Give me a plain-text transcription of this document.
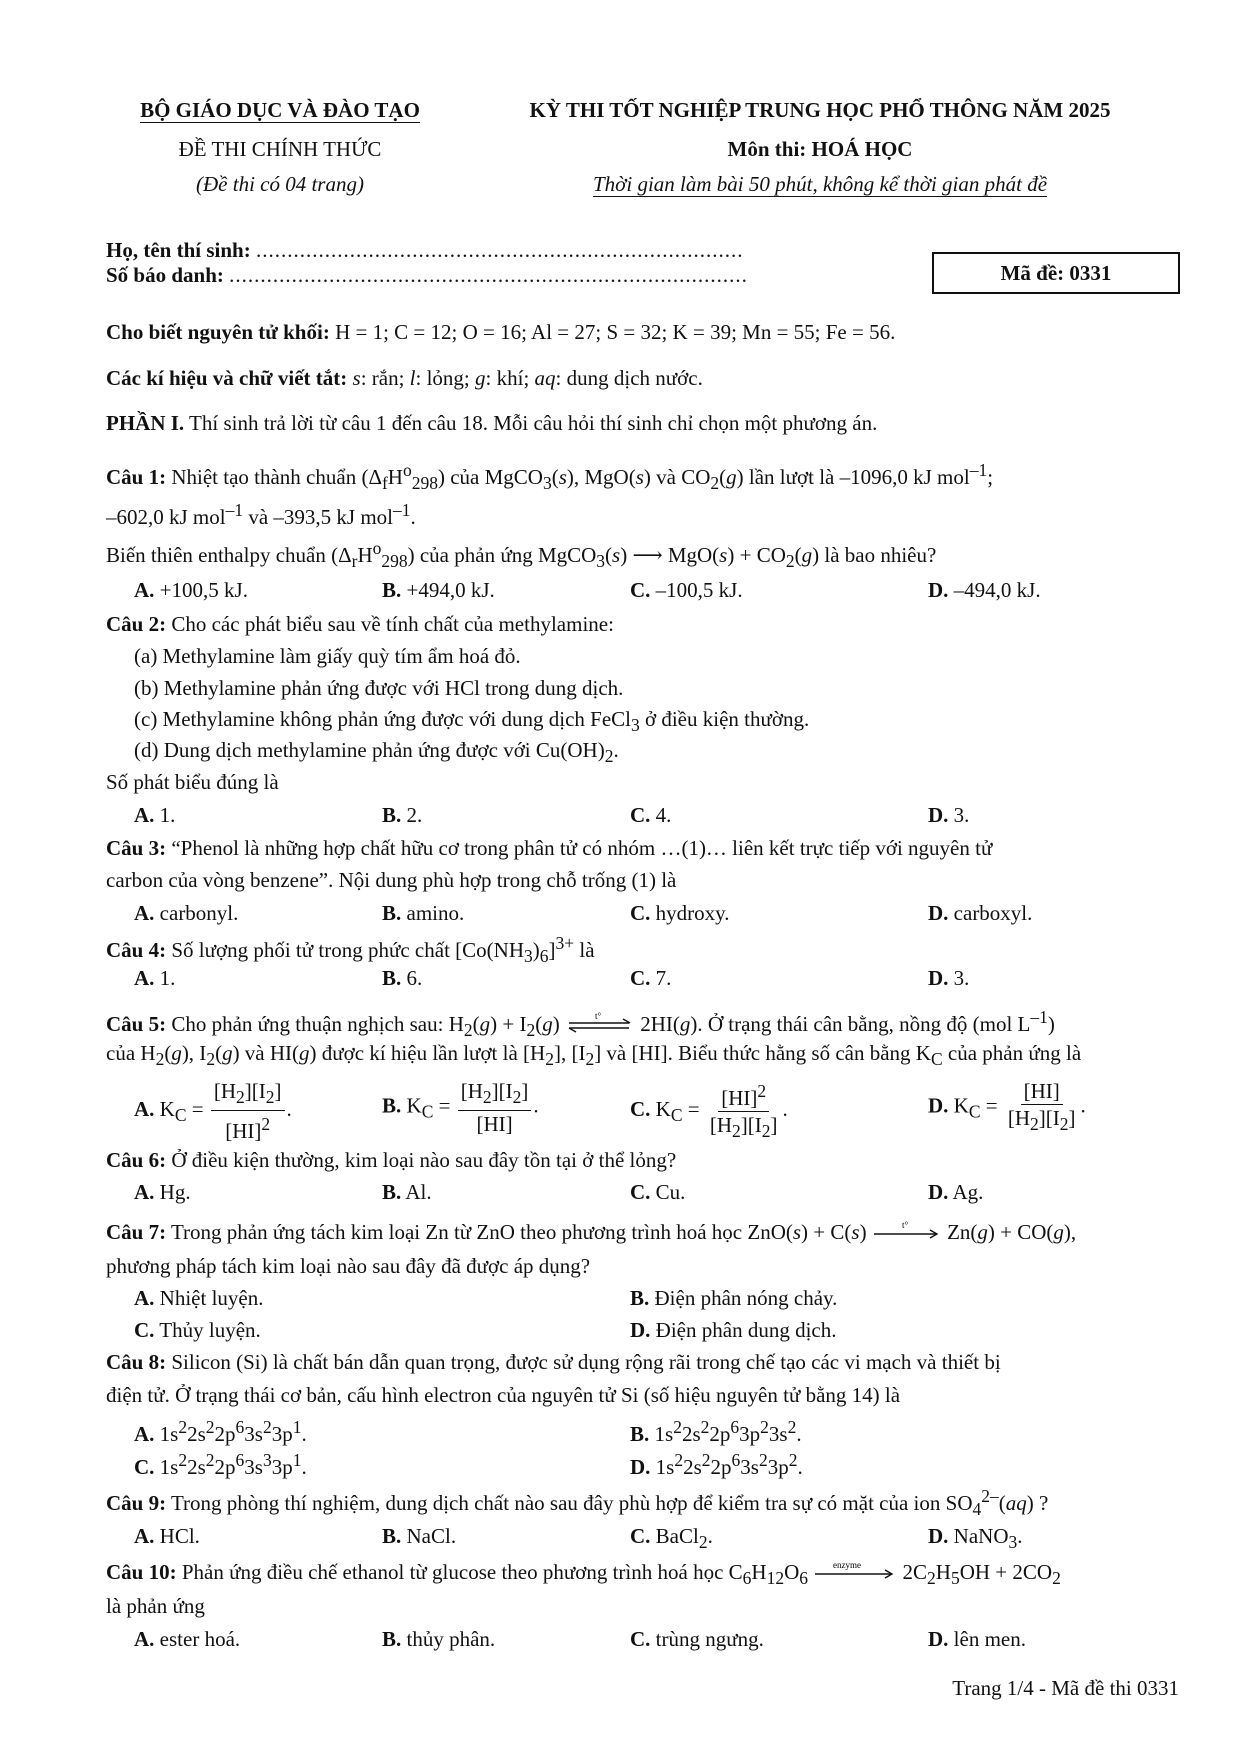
BỘ GIÁO DỤC VÀ ĐÀO TẠO
ĐỀ THI CHÍNH THỨC
(Đề thi có 04 trang)
KỲ THI TỐT NGHIỆP TRUNG HỌC PHỔ THÔNG NĂM 2025
Môn thi: HOÁ HỌC
Thời gian làm bài 50 phút, không kể thời gian phát đề
Họ, tên thí sinh: ..............................................................................
Số báo danh: ...................................................................................	Mã đề: 0331
Cho biết nguyên tử khối: H = 1; C = 12; O = 16; Al = 27; S = 32; K = 39; Mn = 55; Fe = 56.
Các kí hiệu và chữ viết tắt: s: rắn; l: lỏng; g: khí; aq: dung dịch nước.
PHẦN I. Thí sinh trả lời từ câu 1 đến câu 18. Mỗi câu hỏi thí sinh chỉ chọn một phương án.
Câu 1: Nhiệt tạo thành chuẩn $(\Delta_fH^o_{298})$ của MgCO$_3$(s), MgO(s) và $CO_2(g)$ lần lượt là –1096,0 kJ mol$^{-1}$;
–602,0 kJ mol$^{-1}$ và –393,5 kJ mol$^{-1}$.
Biến thiên enthalpy chuẩn $(\Delta_rH^o_{298})$ của phản ứng MgCO$_3$(s) ⟶ $MgO(s) + CO_2(g)$ là bao nhiêu?
A. +100,5 kJ.	B. +494,0 kJ.	C. –100,5 kJ.	D. –494,0 kJ.
Câu 2: Cho các phát biểu sau về tính chất của methylamine:
(a) Methylamine làm giấy quỳ tím ẩm hoá đỏ.
(b) Methylamine phản ứng được với HCl trong dung dịch.
(c) Methylamine không phản ứng được với dung dịch FeCl$_3$ ở điều kiện thường.
(d) Dung dịch methylamine phản ứng được với $Cu(OH)_2$.
Số phát biểu đúng là
A. 1.	B. 2.	C. 4.	D. 3.
Câu 3: “Phenol là những hợp chất hữu cơ trong phân tử có nhóm …(1)… liên kết trực tiếp với nguyên tử
carbon của vòng benzene”. Nội dung phù hợp trong chỗ trống (1) là
A. carbonyl.	B. amino.	C. hydroxy.	D. carboxyl.
Câu 4: Số lượng phối tử trong phức chất $[Co(NH_3)_6]^{3+}$ là
A. 1.	B. 6.	C. 7.	D. 3.
Câu 5: Cho phản ứng thuận nghịch sau: $H_2(g) + I_2(g)$	t° 2HI(g). Ở trạng thái cân bằng, nồng độ (mol $L^{-1}$)
của $H_2(g)$, $I_2(g)$ và HI(g) được kí hiệu lần lượt là $[H_2]$, $[I_2]$ và [HI]. Biểu thức hằng số cân bằng $K_C$ của phản ứng là
A. $K_C = \frac{[H_2][I_2]}{[HI]^2}$ .	B. $K_C = \frac{[H_2][I_2]}{[HI]}$ .	C. $K_C = \frac{[HI]^2}{[H_2][I_2]}$ .	D. $K_C = \frac{[HI]}{[H_2][I_2]}$ .
Câu 6: Ở điều kiện thường, kim loại nào sau đây tồn tại ở thể lỏng?
A. Hg.	B. Al.	C. Cu.	D. Ag.
Câu 7: Trong phản ứng tách kim loại Zn từ ZnO theo phương trình hoá học ZnO(s) + C(s)	t° Zn(g) + CO(g),
phương pháp tách kim loại nào sau đây đã được áp dụng?
A. Nhiệt luyện.	B. Điện phân nóng chảy.
C. Thủy luyện.	D. Điện phân dung dịch.
Câu 8: Silicon (Si) là chất bán dẫn quan trọng, được sử dụng rộng rãi trong chế tạo các vi mạch và thiết bị
điện tử. Ở trạng thái cơ bản, cấu hình electron của nguyên tử Si (số hiệu nguyên tử bằng 14) là
A. $1s^22s^22p^63s^23p^1$.	B. $1s^22s^22p^63p^23s^2$.
C. $1s^22s^22p^63s^33p^1$.	D. $1s^22s^22p^63s^23p^2$.
Câu 9: Trong phòng thí nghiệm, dung dịch chất nào sau đây phù hợp để kiểm tra sự có mặt của ion $SO_4^{2-}(aq)$ ?
A. HCl.	B. NaCl.	C. BaCl$_2$.	D. NaNO$_3$.
Câu 10: Phản ứng điều chế ethanol từ glucose theo phương trình hoá học $C_6H_{12}O_6$
enzyme $2C_2H_5OH + 2CO_2$
là phản ứng
A. ester hoá.	B. thủy phân.	C. trùng ngưng.	D. lên men.
Trang 1/4 - Mã đề thi 0331
